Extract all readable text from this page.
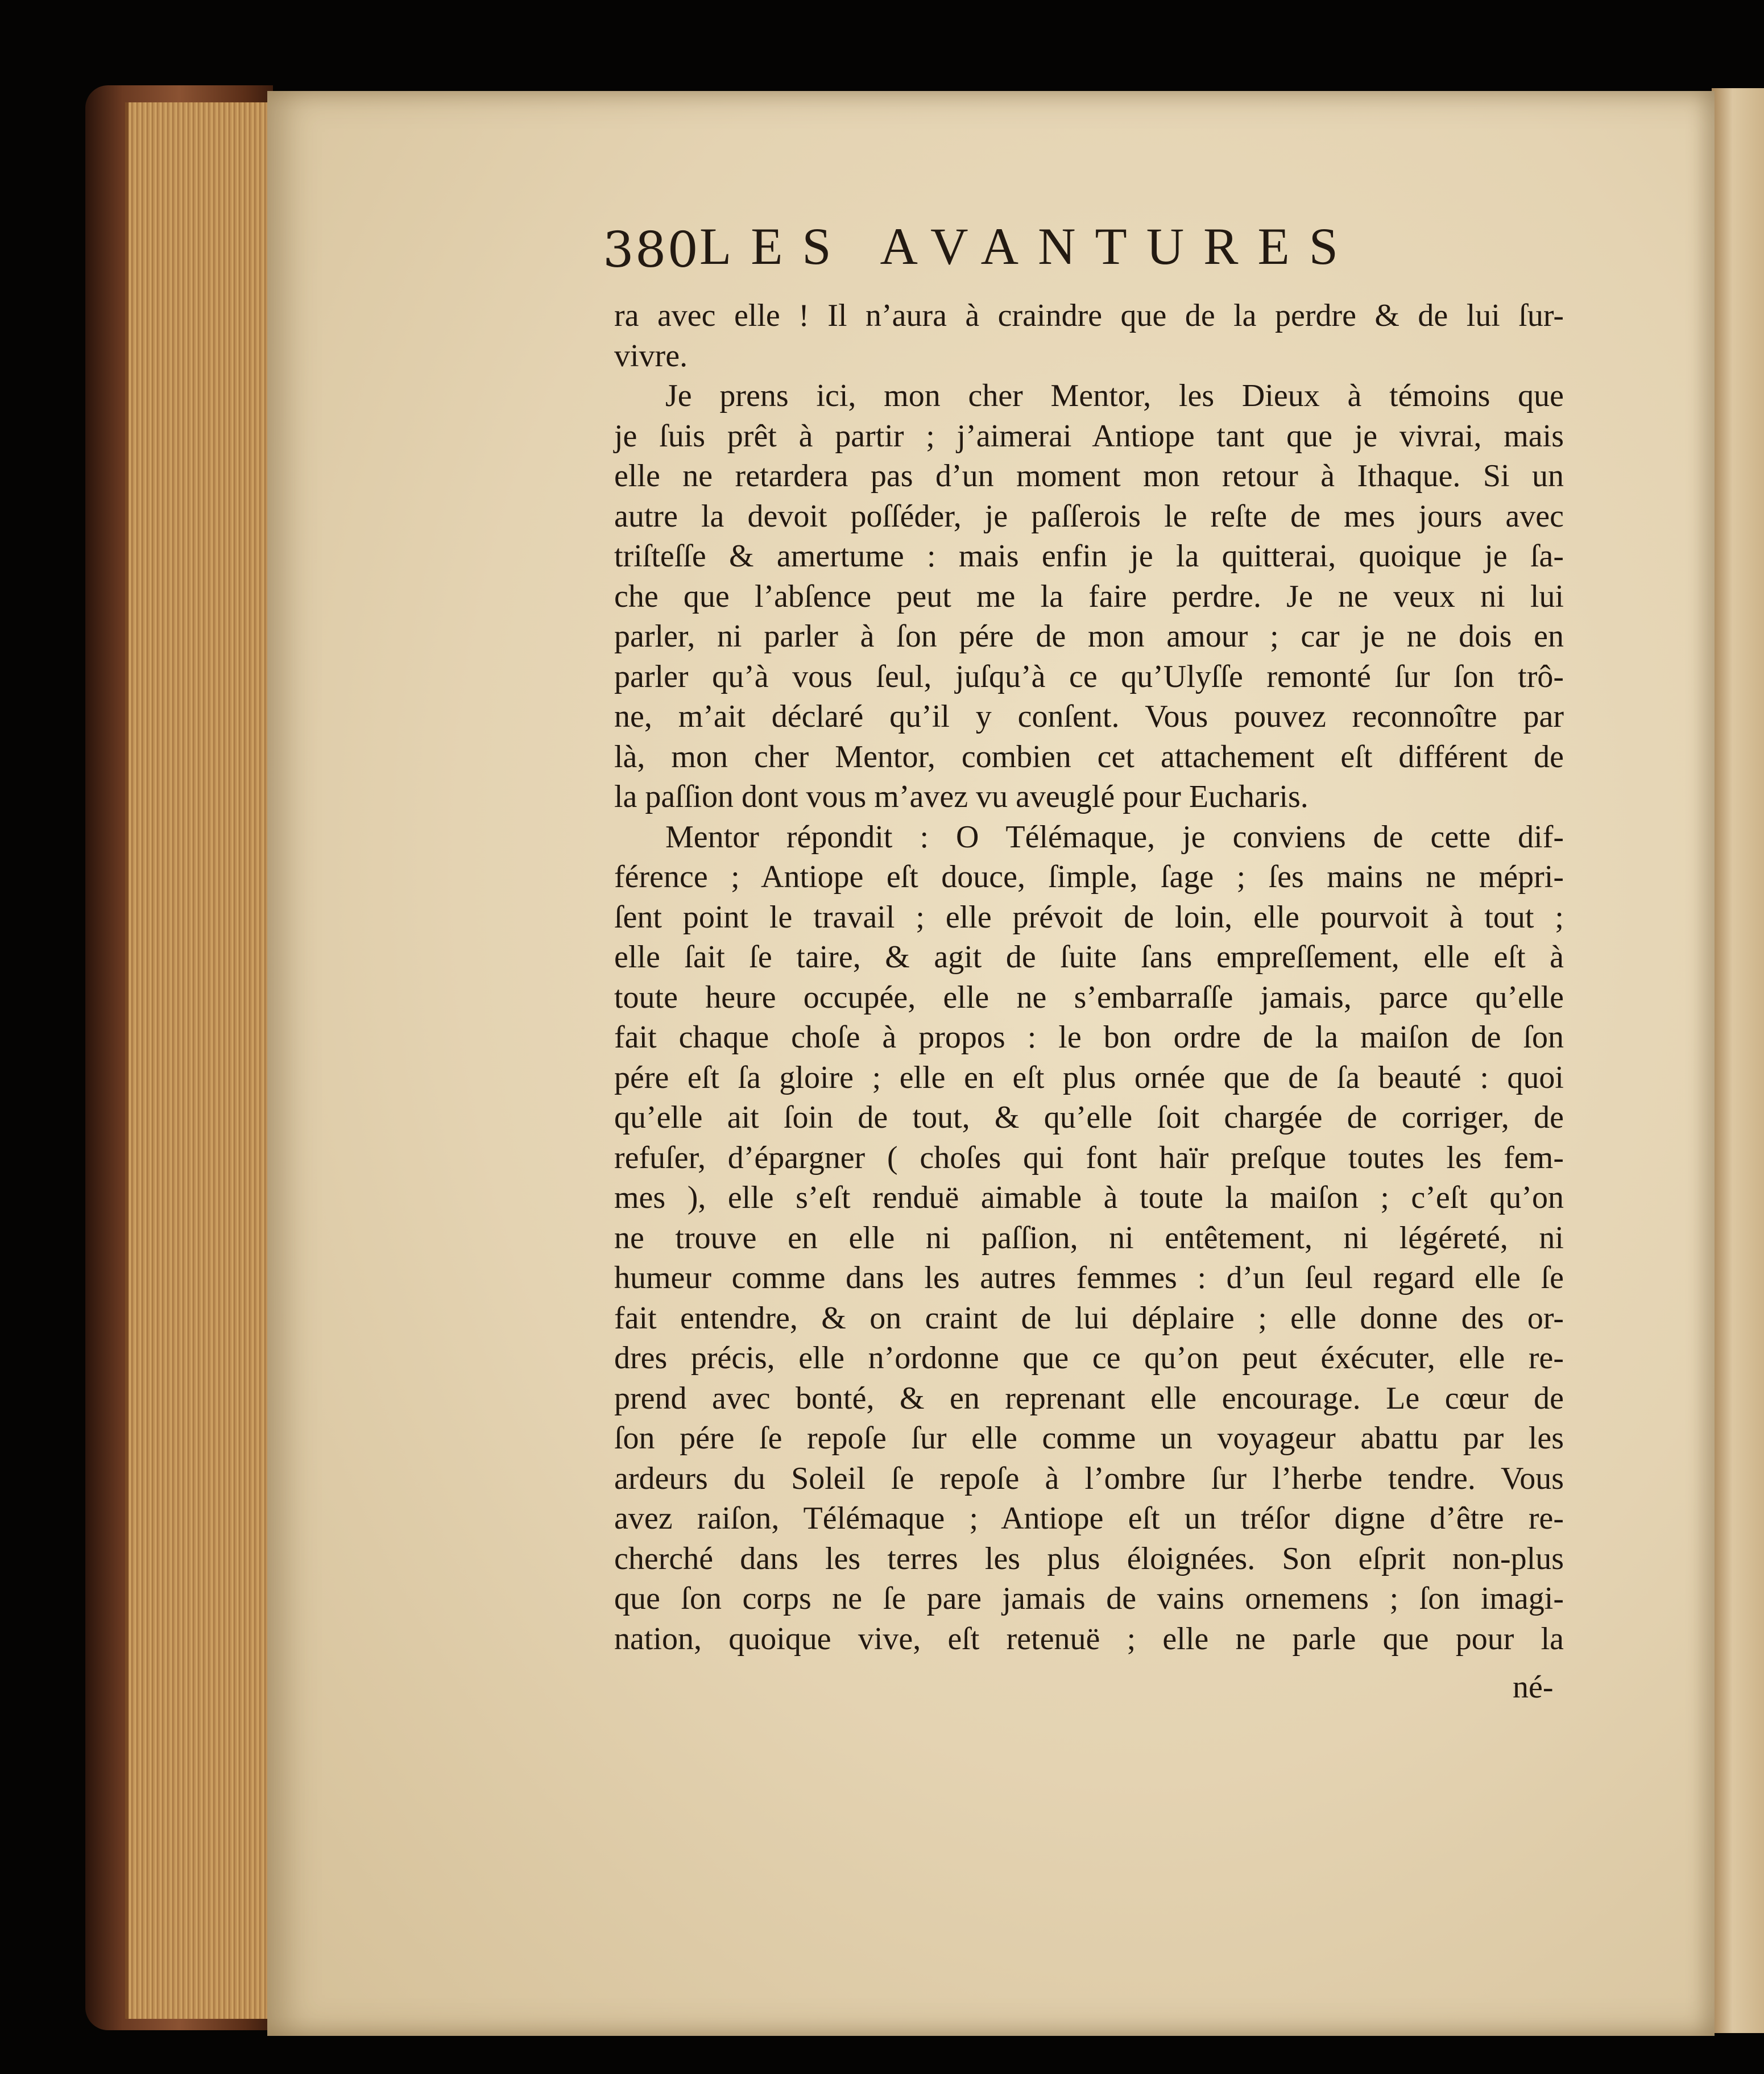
380 LES AVANTURES
ra avec elle ! Il n’aura à craindre que de la perdre & de lui ſur-
vivre.
Je prens ici, mon cher Mentor, les Dieux à témoins que
je ſuis prêt à partir ; j’aimerai Antiope tant que je vivrai, mais
elle ne retardera pas d’un moment mon retour à Ithaque. Si un
autre la devoit poſſéder, je paſſerois le reſte de mes jours avec
triſteſſe & amertume : mais enfin je la quitterai, quoique je ſa-
che que l’abſence peut me la faire perdre. Je ne veux ni lui
parler, ni parler à ſon pére de mon amour ; car je ne dois en
parler qu’à vous ſeul, juſqu’à ce qu’Ulyſſe remonté ſur ſon trô-
ne, m’ait déclaré qu’il y conſent. Vous pouvez reconnoître par
là, mon cher Mentor, combien cet attachement eſt différent de
la paſſion dont vous m’avez vu aveuglé pour Eucharis.
Mentor répondit : O Télémaque, je conviens de cette dif-
férence ; Antiope eſt douce, ſimple, ſage ; ſes mains ne mépri-
ſent point le travail ; elle prévoit de loin, elle pourvoit à tout ;
elle ſait ſe taire, & agit de ſuite ſans empreſſement, elle eſt à
toute heure occupée, elle ne s’embarraſſe jamais, parce qu’elle
fait chaque choſe à propos : le bon ordre de la maiſon de ſon
pére eſt ſa gloire ; elle en eſt plus ornée que de ſa beauté : quoi
qu’elle ait ſoin de tout, & qu’elle ſoit chargée de corriger, de
refuſer, d’épargner ( choſes qui font haïr preſque toutes les fem-
mes ), elle s’eſt renduë aimable à toute la maiſon ; c’eſt qu’on
ne trouve en elle ni paſſion, ni entêtement, ni légéreté, ni
humeur comme dans les autres femmes : d’un ſeul regard elle ſe
fait entendre, & on craint de lui déplaire ; elle donne des or-
dres précis, elle n’ordonne que ce qu’on peut éxécuter, elle re-
prend avec bonté, & en reprenant elle encourage. Le cœur de
ſon pére ſe repoſe ſur elle comme un voyageur abattu par les
ardeurs du Soleil ſe repoſe à l’ombre ſur l’herbe tendre. Vous
avez raiſon, Télémaque ; Antiope eſt un tréſor digne d’être re-
cherché dans les terres les plus éloignées. Son eſprit non-plus
que ſon corps ne ſe pare jamais de vains ornemens ; ſon imagi-
nation, quoique vive, eſt retenuë ; elle ne parle que pour la
né-
